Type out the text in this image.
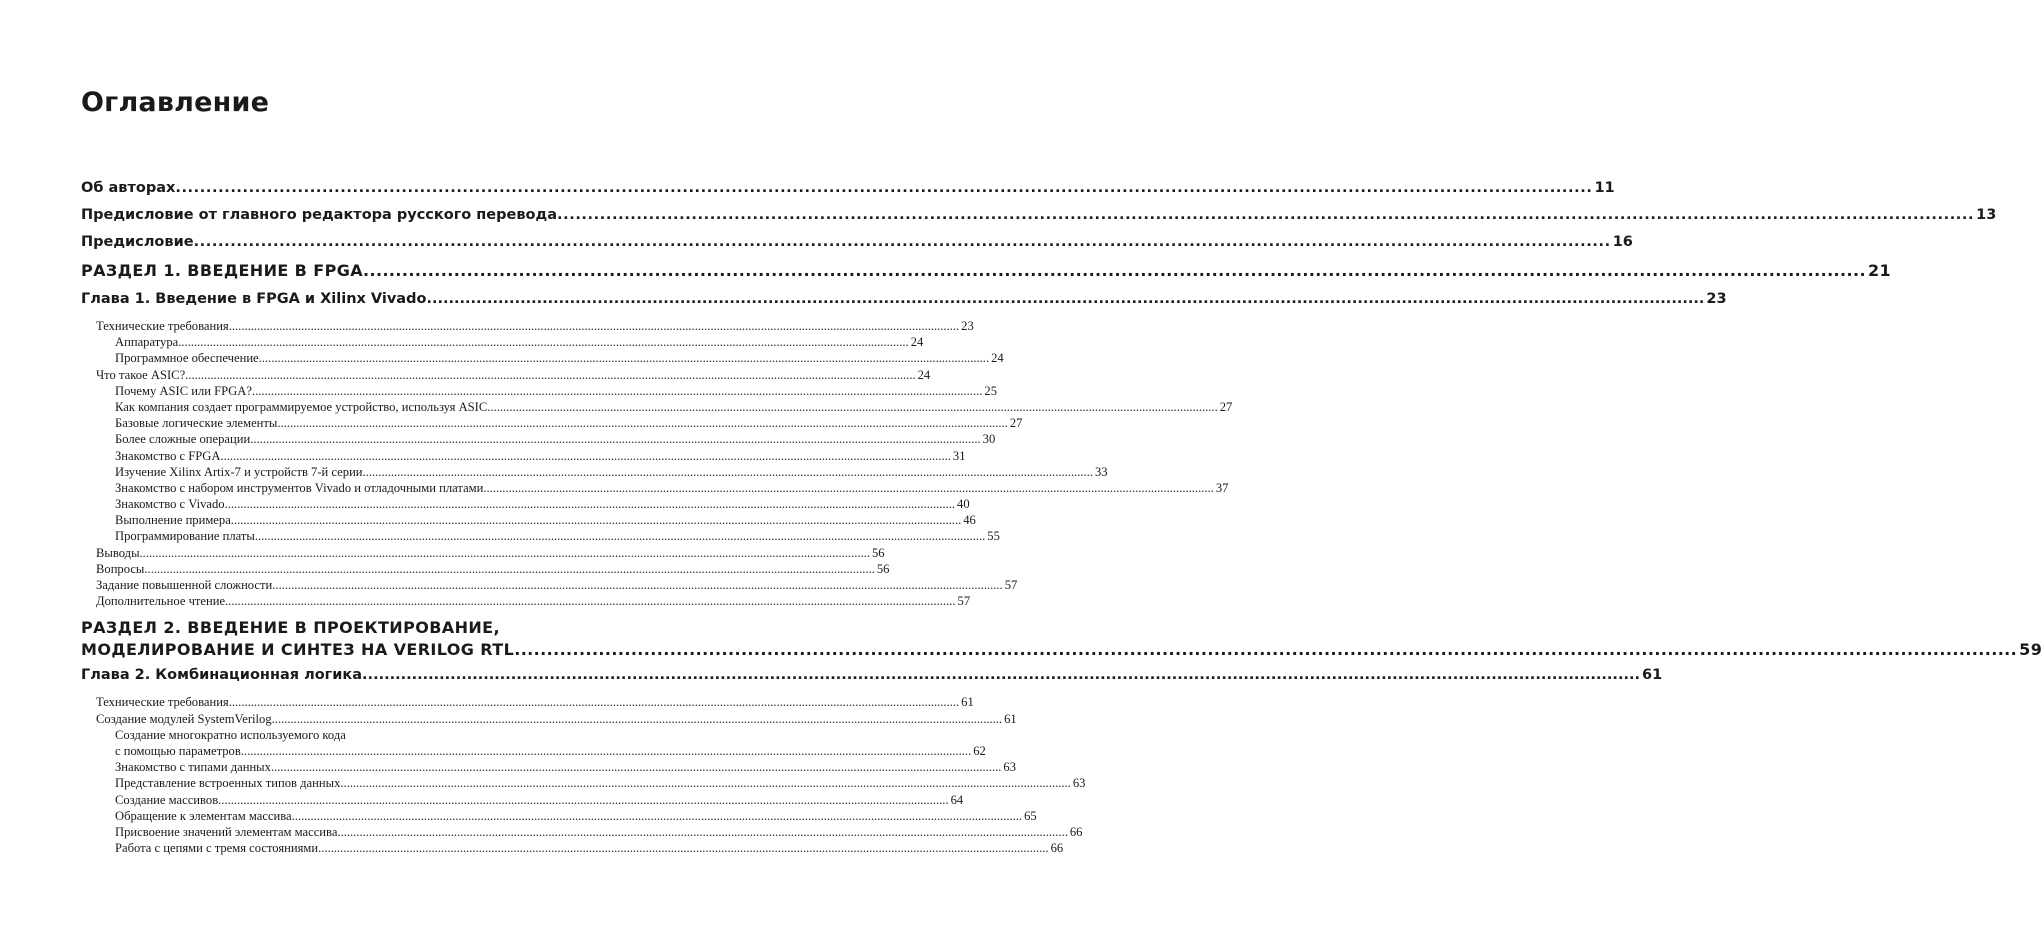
Оглавление
Об авторах .....	11
Предисловие от главного редактора русского перевода .....	13
Предисловие .....	16
РАЗДЕЛ 1. ВВЕДЕНИЕ В FPGA .....	21
Глава 1. Введение в FPGA и Xilinx Vivado .....	23
Технические требования .....	23
Аппаратура .....	24
Программное обеспечение .....	24
Что такое ASIC? .....	24
Почему ASIC или FPGA? .....	25
Как компания создает программируемое устройство, используя ASIC .....	27
Базовые логические элементы .....	27
Более сложные операции .....	30
Знакомство с FPGA .....	31
Изучение Xilinx Artix-7 и устройств 7-й серии .....	33
Знакомство с набором инструментов Vivado и отладочными платами .....	37
Знакомство с Vivado .....	40
Выполнение примера .....	46
Программирование платы .....	55
Выводы .....	56
Вопросы .....	56
Задание повышенной сложности .....	57
Дополнительное чтение .....	57
РАЗДЕЛ 2. ВВЕДЕНИЕ В ПРОЕКТИРОВАНИЕ,
МОДЕЛИРОВАНИЕ И СИНТЕЗ НА VERILOG RTL .....	59
Глава 2. Комбинационная логика .....	61
Технические требования .....	61
Создание модулей SystemVerilog .....	61
Создание многократно используемого кода
с помощью параметров .....	62
Знакомство с типами данных .....	63
Представление встроенных типов данных .....	63
Создание массивов .....	64
Обращение к элементам массива .....	65
Присвоение значений элементам массива .....	66
Работа с цепями с тремя состояниями .....	66
